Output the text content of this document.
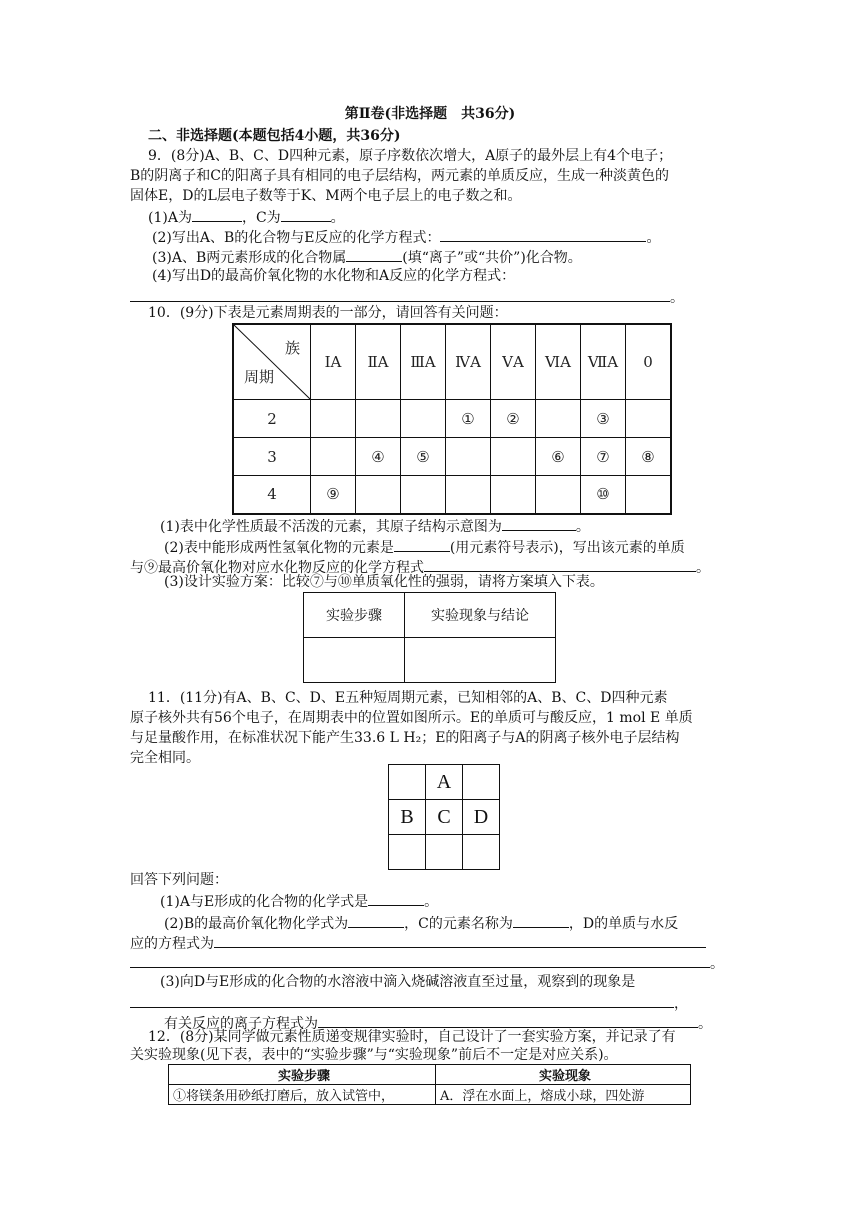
第Ⅱ卷(非选择题　共36分)
二、非选择题(本题包括4小题，共36分)
9．(8分)A、B、C、D四种元素，原子序数依次增大，A原子的最外层上有4个电子；
B的阴离子和C的阳离子具有相同的电子层结构，两元素的单质反应，生成一种淡黄色的
固体E，D的L层电子数等于K、M两个电子层上的电子数之和。
(1)A为	，C为	。
(2)写出A、B的化合物与E反应的化学方程式：	。
(3)A、B两元素形成的化合物属	(填“离子”或“共价”)化合物。
(4)写出D的最高价氧化物的水化物和A反应的化学方程式：
。
10．(9分)下表是元素周期表的一部分，请回答有关问题：
族
周期	ⅠA	ⅡA	ⅢA	ⅣA	ⅤA	ⅥA	ⅦA	0
2				①	②		③	
3		④	⑤			⑥	⑦	⑧
4	⑨						⑩	
(1)表中化学性质最不活泼的元素，其原子结构示意图为	。
(2)表中能形成两性氢氧化物的元素是	(用元素符号表示)，写出该元素的单质
与⑨最高价氧化物对应水化物反应的化学方程式	。
(3)设计实验方案：比较⑦与⑩单质氧化性的强弱，请将方案填入下表。
实验步骤	实验现象与结论

11．(11分)有A、B、C、D、E五种短周期元素，已知相邻的A、B、C、D四种元素
原子核外共有56个电子，在周期表中的位置如图所示。E的单质可与酸反应，1 mol E 单质
与足量酸作用，在标准状况下能产生33.6 L H₂；E的阳离子与A的阴离子核外电子层结构
完全相同。
	A	
B	C	D

回答下列问题：
(1)A与E形成的化合物的化学式是	。
(2)B的最高价氧化物化学式为	，C的元素名称为	，D的单质与水反
应的方程式为
。
(3)向D与E形成的化合物的水溶液中滴入烧碱溶液直至过量，观察到的现象是
，
有关反应的离子方程式为	。
12．(8分)某同学做元素性质递变规律实验时，自己设计了一套实验方案，并记录了有
关实验现象(见下表，表中的“实验步骤”与“实验现象”前后不一定是对应关系)。
实验步骤	实验现象
①将镁条用砂纸打磨后，放入试管中，	A．浮在水面上，熔成小球，四处游
